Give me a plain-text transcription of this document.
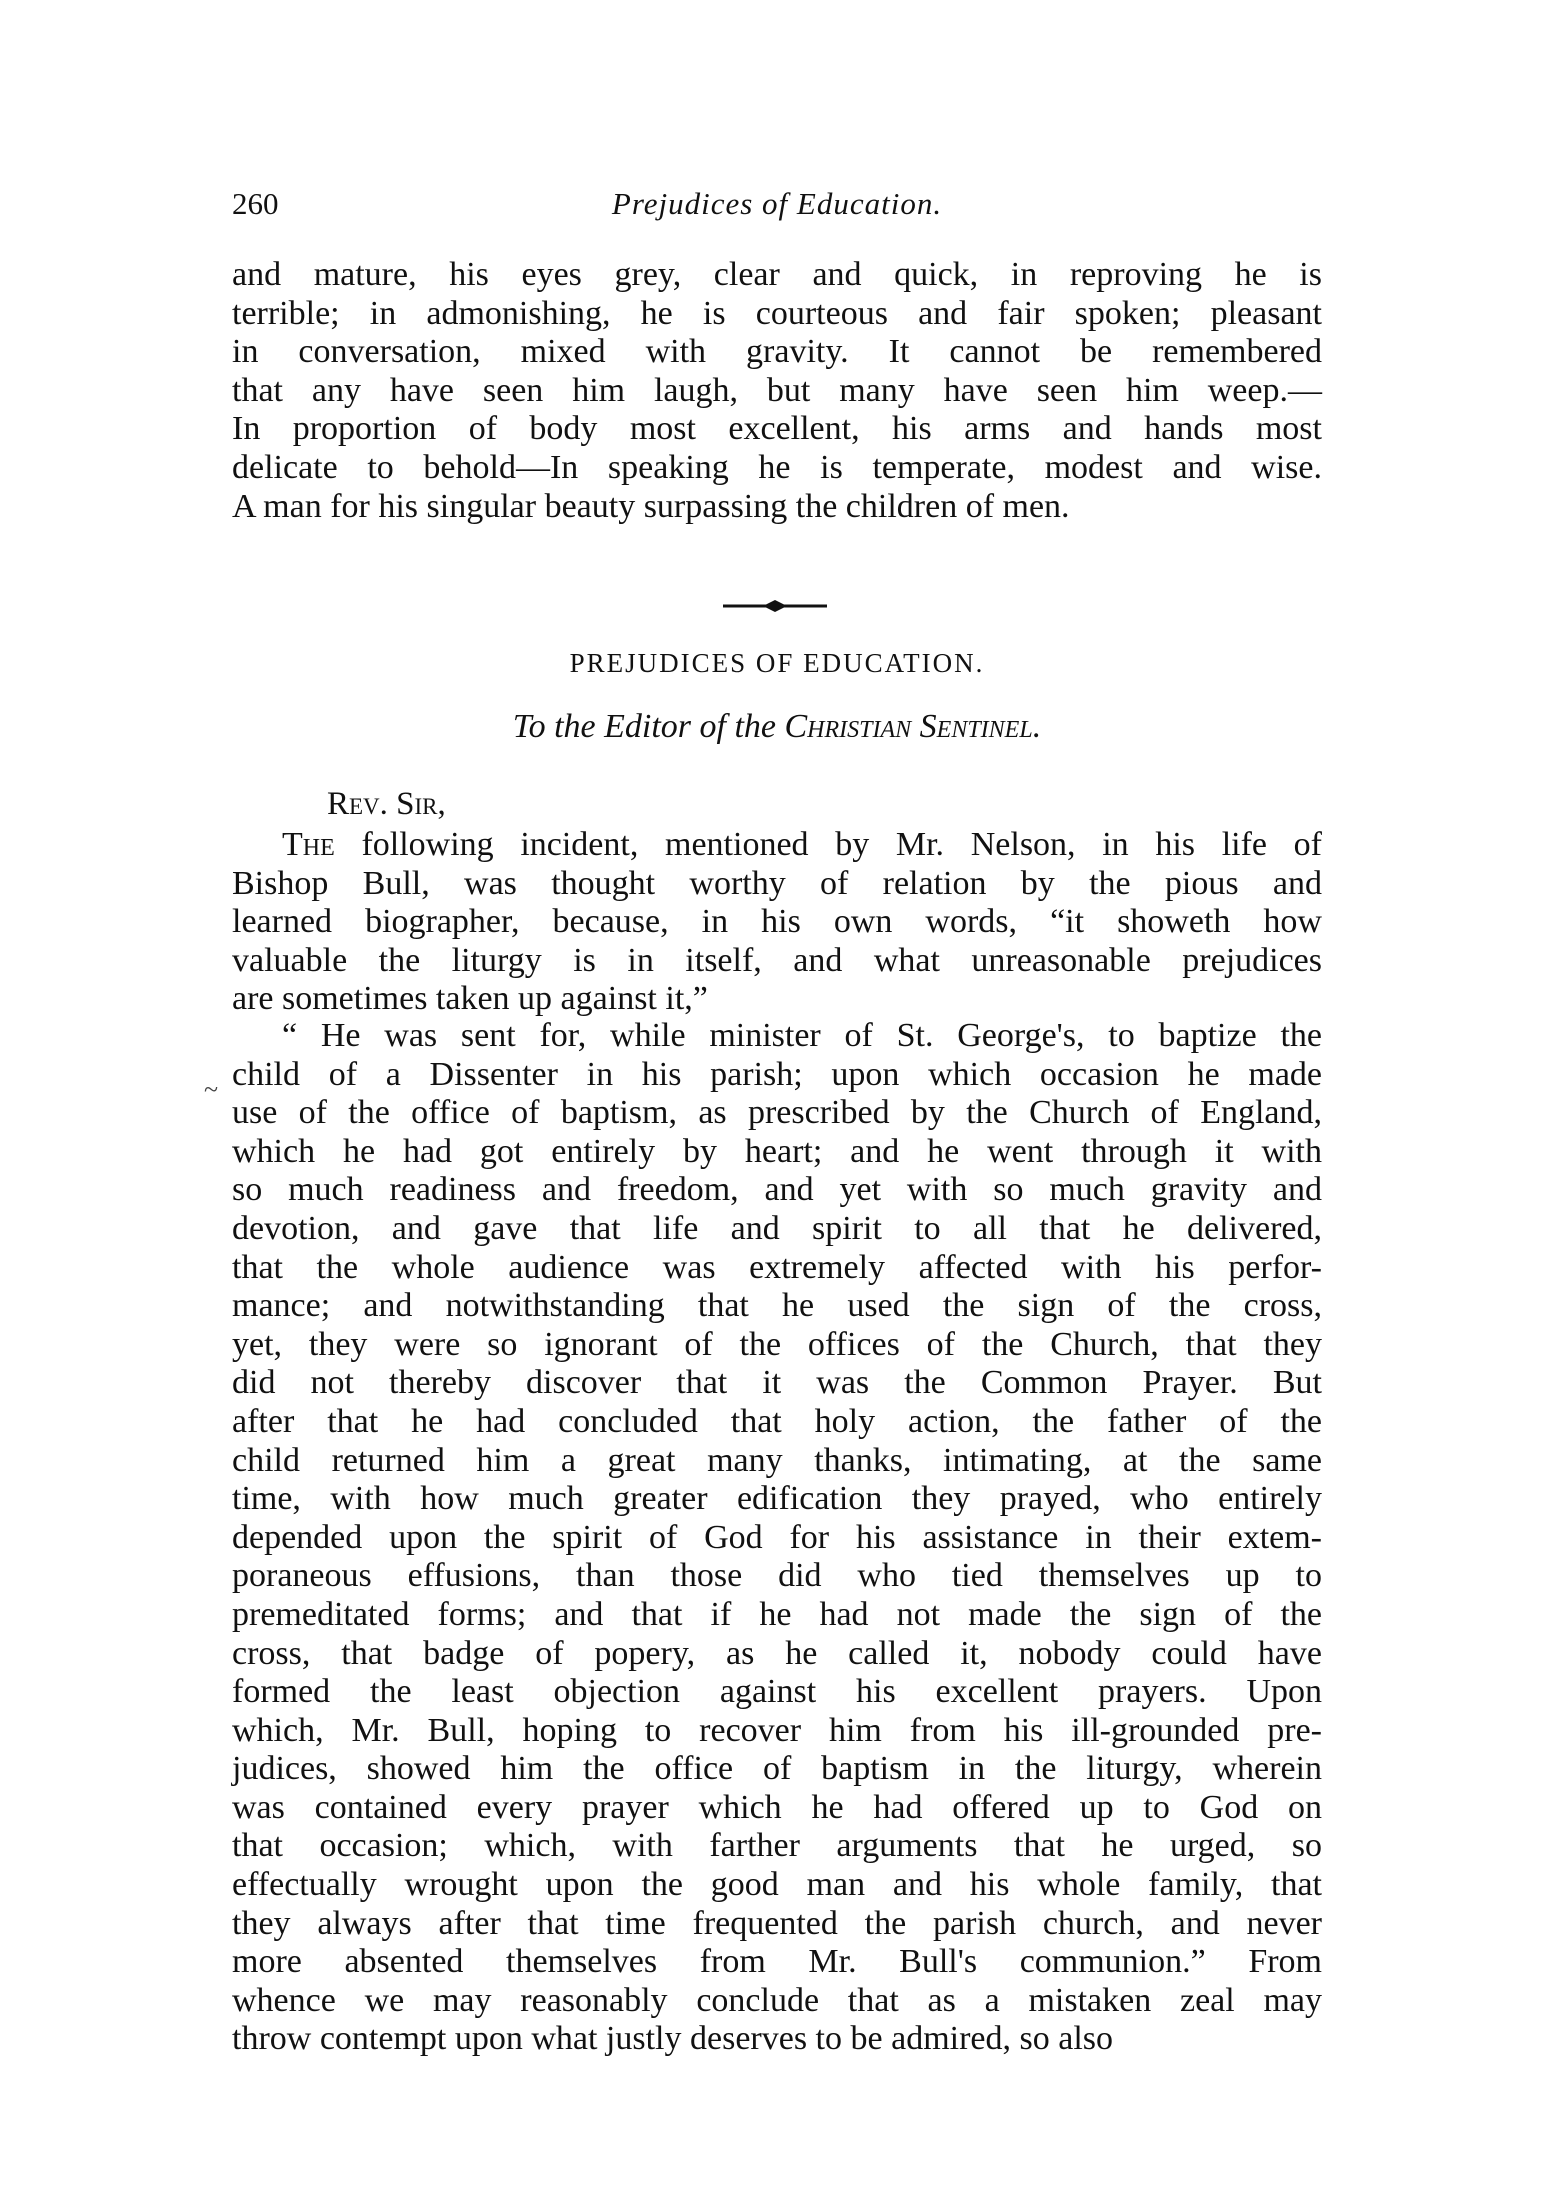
260	Prejudices of Education.
and mature, his eyes grey, clear and quick, in reproving he is
terrible; in admonishing, he is courteous and fair spoken; pleasant
in conversation, mixed with gravity. It cannot be remembered
that any have seen him laugh, but many have seen him weep.—
In proportion of body most excellent, his arms and hands most
delicate to behold—In speaking he is temperate, modest and wise.
A man for his singular beauty surpassing the children of men.
PREJUDICES OF EDUCATION.
To the Editor of the Christian Sentinel.
Rev. Sir,
The following incident, mentioned by Mr. Nelson, in his life of
Bishop Bull, was thought worthy of relation by the pious and
learned biographer, because, in his own words, “it showeth how
valuable the liturgy is in itself, and what unreasonable prejudices
are sometimes taken up against it,”
“ He was sent for, while minister of St. George's, to baptize the
child of a Dissenter in his parish; upon which occasion he made
use of the office of baptism, as prescribed by the Church of England,
which he had got entirely by heart; and he went through it with
so much readiness and freedom, and yet with so much gravity and
devotion, and gave that life and spirit to all that he delivered,
that the whole audience was extremely affected with his perfor-
mance; and notwithstanding that he used the sign of the cross,
yet, they were so ignorant of the offices of the Church, that they
did not thereby discover that it was the Common Prayer. But
after that he had concluded that holy action, the father of the
child returned him a great many thanks, intimating, at the same
time, with how much greater edification they prayed, who entirely
depended upon the spirit of God for his assistance in their extem-
poraneous effusions, than those did who tied themselves up to
premeditated forms; and that if he had not made the sign of the
cross, that badge of popery, as he called it, nobody could have
formed the least objection against his excellent prayers. Upon
which, Mr. Bull, hoping to recover him from his ill-grounded pre-
judices, showed him the office of baptism in the liturgy, wherein
was contained every prayer which he had offered up to God on
that occasion; which, with farther arguments that he urged, so
effectually wrought upon the good man and his whole family, that
they always after that time frequented the parish church, and never
more absented themselves from Mr. Bull's communion.” From
whence we may reasonably conclude that as a mistaken zeal may
throw contempt upon what justly deserves to be admired, so also
~
